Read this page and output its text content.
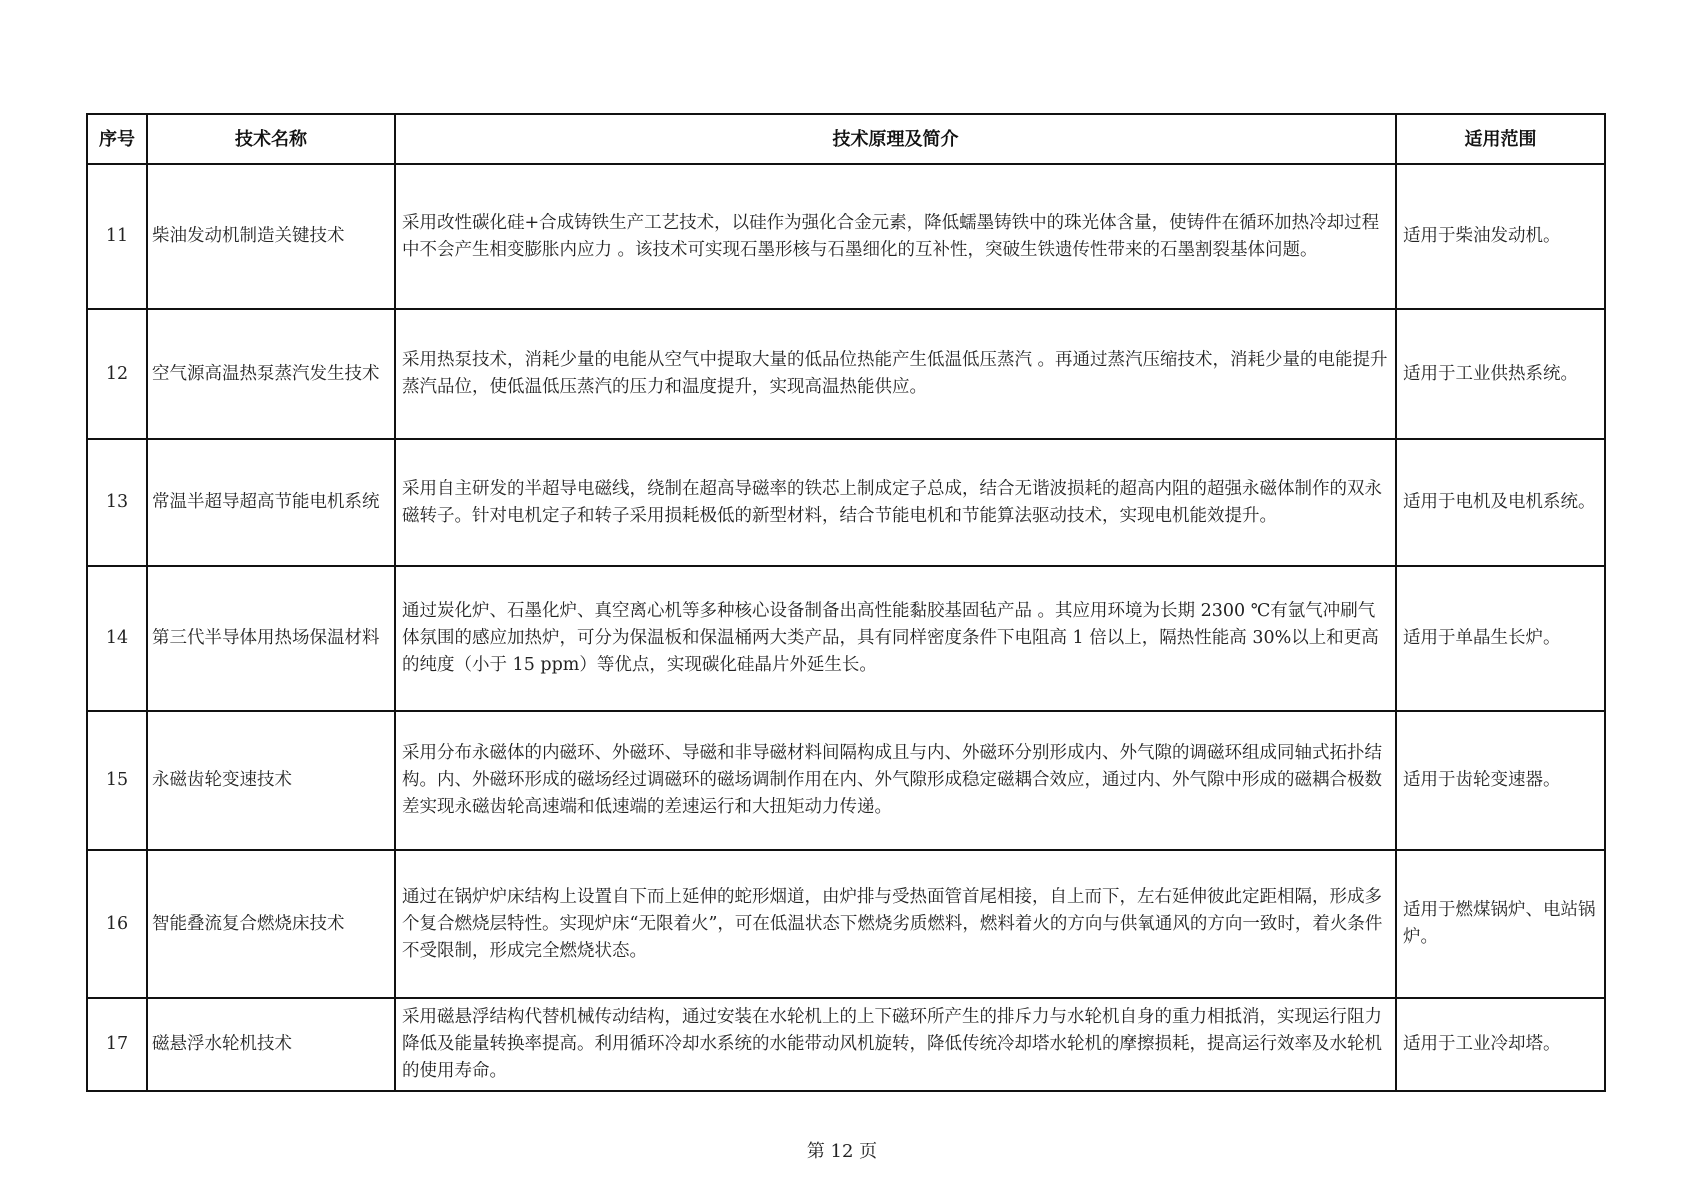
序号	技术名称	技术原理及简介	适用范围
11	柴油发动机制造关键技术	采用改性碳化硅+合成铸铁生产工艺技术，以硅作为强化合金元素，降低蠕墨铸铁中的珠光体含量，使铸件在循环加热冷却过程中不会产生相变膨胀内应力 。该技术可实现石墨形核与石墨细化的互补性，突破生铁遗传性带来的石墨割裂基体问题。	适用于柴油发动机。
12	空气源高温热泵蒸汽发生技术	采用热泵技术，消耗少量的电能从空气中提取大量的低品位热能产生低温低压蒸汽 。再通过蒸汽压缩技术，消耗少量的电能提升蒸汽品位，使低温低压蒸汽的压力和温度提升，实现高温热能供应。	适用于工业供热系统。
13	常温半超导超高节能电机系统	采用自主研发的半超导电磁线，绕制在超高导磁率的铁芯上制成定子总成，结合无谐波损耗的超高内阻的超强永磁体制作的双永磁转子。针对电机定子和转子采用损耗极低的新型材料，结合节能电机和节能算法驱动技术，实现电机能效提升。	适用于电机及电机系统。
14	第三代半导体用热场保温材料	通过炭化炉、石墨化炉、真空离心机等多种核心设备制备出高性能黏胶基固毡产品 。其应用环境为长期 2300 ℃有氩气冲刷气体氛围的感应加热炉，可分为保温板和保温桶两大类产品，具有同样密度条件下电阻高 1 倍以上，隔热性能高 30%以上和更高的纯度（小于 15 ppm）等优点，实现碳化硅晶片外延生长。	适用于单晶生长炉。
15	永磁齿轮变速技术	采用分布永磁体的内磁环、外磁环、导磁和非导磁材料间隔构成且与内、外磁环分别形成内、外气隙的调磁环组成同轴式拓扑结构。内、外磁环形成的磁场经过调磁环的磁场调制作用在内、外气隙形成稳定磁耦合效应，通过内、外气隙中形成的磁耦合极数差实现永磁齿轮高速端和低速端的差速运行和大扭矩动力传递。	适用于齿轮变速器。
16	智能叠流复合燃烧床技术	通过在锅炉炉床结构上设置自下而上延伸的蛇形烟道，由炉排与受热面管首尾相接，自上而下，左右延伸彼此定距相隔，形成多个复合燃烧层特性。实现炉床“无限着火”，可在低温状态下燃烧劣质燃料，燃料着火的方向与供氧通风的方向一致时，着火条件不受限制，形成完全燃烧状态。	适用于燃煤锅炉、电站锅炉。
17	磁悬浮水轮机技术	采用磁悬浮结构代替机械传动结构，通过安装在水轮机上的上下磁环所产生的排斥力与水轮机自身的重力相抵消，实现运行阻力降低及能量转换率提高。利用循环冷却水系统的水能带动风机旋转，降低传统冷却塔水轮机的摩擦损耗，提高运行效率及水轮机的使用寿命。	适用于工业冷却塔。
第 12 页
